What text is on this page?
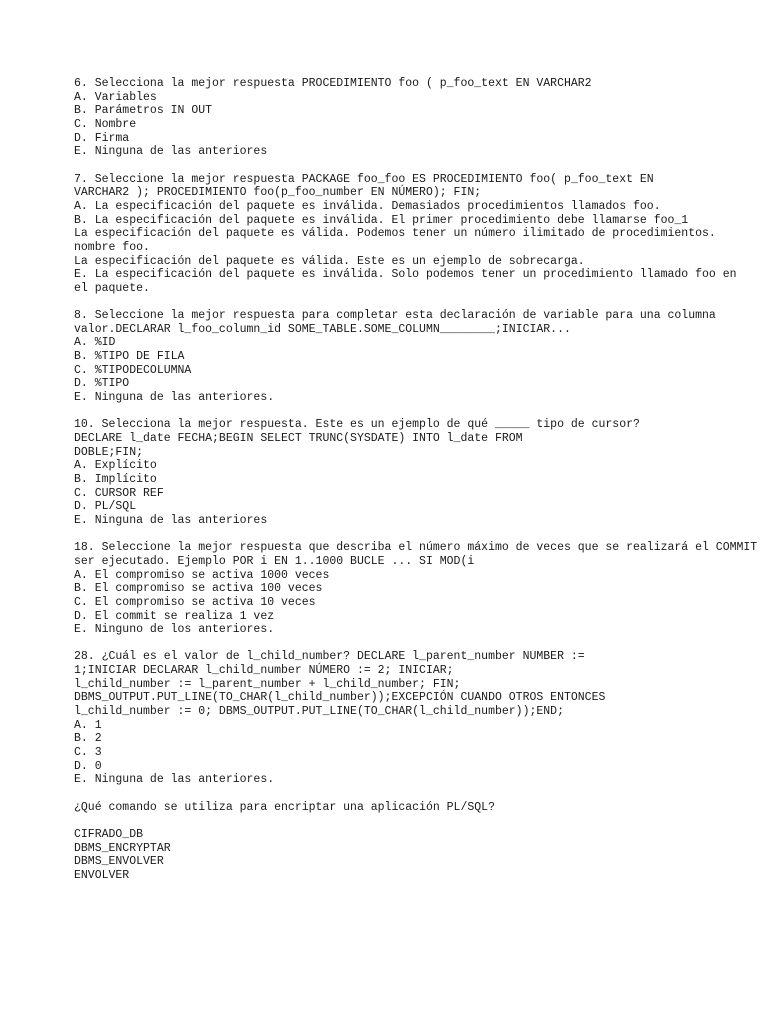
6. Selecciona la mejor respuesta PROCEDIMIENTO foo ( p_foo_text EN VARCHAR2
A. Variables
B. Parámetros IN OUT
C. Nombre
D. Firma
E. Ninguna de las anteriores
7. Seleccione la mejor respuesta PACKAGE foo_foo ES PROCEDIMIENTO foo( p_foo_text EN
VARCHAR2 ); PROCEDIMIENTO foo(p_foo_number EN NÚMERO); FIN;
A. La especificación del paquete es inválida. Demasiados procedimientos llamados foo.
B. La especificación del paquete es inválida. El primer procedimiento debe llamarse foo_1
La especificación del paquete es válida. Podemos tener un número ilimitado de procedimientos.
nombre foo.
La especificación del paquete es válida. Este es un ejemplo de sobrecarga.
E. La especificación del paquete es inválida. Solo podemos tener un procedimiento llamado foo en
el paquete.
8. Seleccione la mejor respuesta para completar esta declaración de variable para una columna
valor.DECLARAR l_foo_column_id SOME_TABLE.SOME_COLUMN________;INICIAR...
A. %ID
B. %TIPO DE FILA
C. %TIPODECOLUMNA
D. %TIPO
E. Ninguna de las anteriores.
10. Selecciona la mejor respuesta. Este es un ejemplo de qué _____ tipo de cursor?
DECLARE l_date FECHA;BEGIN SELECT TRUNC(SYSDATE) INTO l_date FROM
DOBLE;FIN;
A. Explícito
B. Implícito
C. CURSOR REF
D. PL/SQL
E. Ninguna de las anteriores
18. Seleccione la mejor respuesta que describa el número máximo de veces que se realizará el COMMIT
ser ejecutado. Ejemplo POR i EN 1..1000 BUCLE ... SI MOD(i
A. El compromiso se activa 1000 veces
B. El compromiso se activa 100 veces
C. El compromiso se activa 10 veces
D. El commit se realiza 1 vez
E. Ninguno de los anteriores.
28. ¿Cuál es el valor de l_child_number? DECLARE l_parent_number NUMBER :=
1;INICIAR DECLARAR l_child_number NÚMERO := 2; INICIAR;
l_child_number := l_parent_number + l_child_number; FIN;
DBMS_OUTPUT.PUT_LINE(TO_CHAR(l_child_number));EXCEPCIÓN CUANDO OTROS ENTONCES
l_child_number := 0; DBMS_OUTPUT.PUT_LINE(TO_CHAR(l_child_number));END;
A. 1
B. 2
C. 3
D. 0
E. Ninguna de las anteriores.
¿Qué comando se utiliza para encriptar una aplicación PL/SQL?
CIFRADO_DB
DBMS_ENCRYPTAR
DBMS_ENVOLVER
ENVOLVER
